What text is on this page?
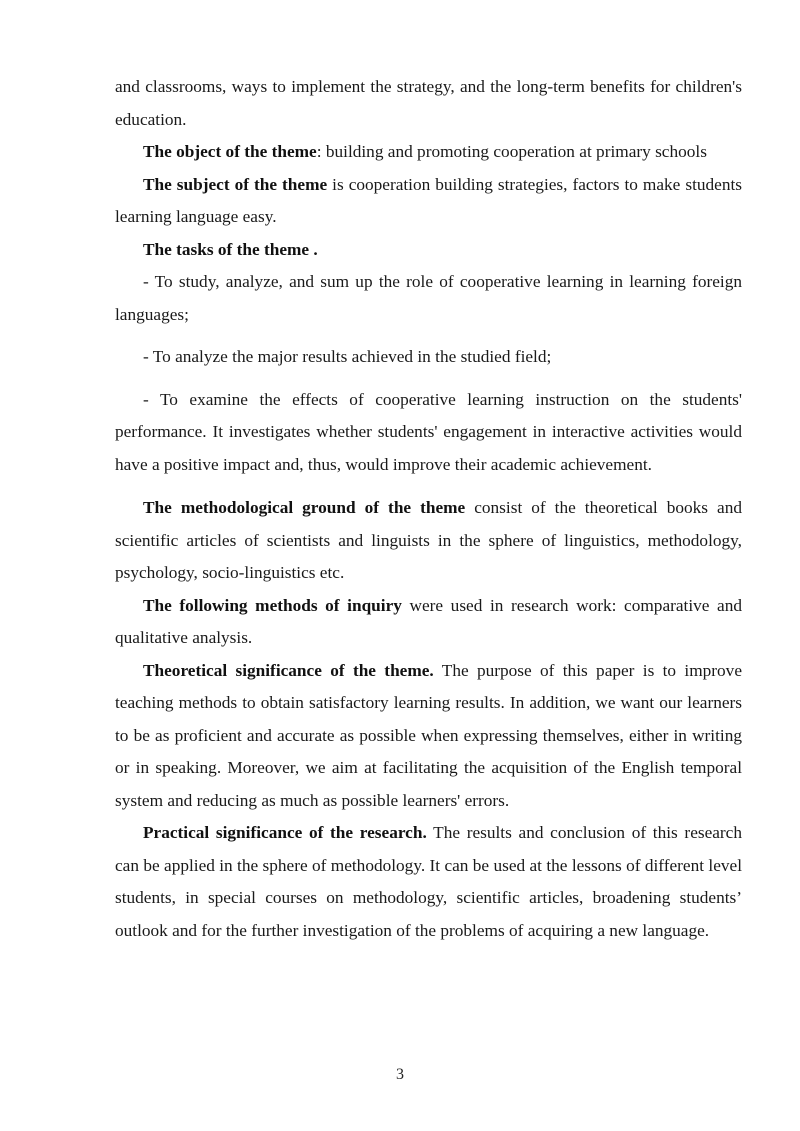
and classrooms, ways to implement the strategy, and the long-term benefits for children's education.

The object of the theme: building and promoting cooperation at primary schools

The subject of the theme is cooperation building strategies, factors to make students learning language easy.

The tasks of the theme .

- To study, analyze, and sum up the role of cooperative learning in learning foreign languages;

- To analyze the major results achieved in the studied field;

- To examine the effects of cooperative learning instruction on the students' performance. It investigates whether students' engagement in interactive activities would have a positive impact and, thus, would improve their academic achievement.

The methodological ground of the theme consist of the theoretical books and scientific articles of scientists and linguists in the sphere of linguistics, methodology, psychology, socio-linguistics etc.

The following methods of inquiry were used in research work: comparative and qualitative analysis.

Theoretical significance of the theme. The purpose of this paper is to improve teaching methods to obtain satisfactory learning results. In addition, we want our learners to be as proficient and accurate as possible when expressing themselves, either in writing or in speaking. Moreover, we aim at facilitating the acquisition of the English temporal system and reducing as much as possible learners' errors.

Practical significance of the research. The results and conclusion of this research can be applied in the sphere of methodology. It can be used at the lessons of different level students, in special courses on methodology, scientific articles, broadening students’ outlook and for the further investigation of the problems of acquiring a new language.

3
